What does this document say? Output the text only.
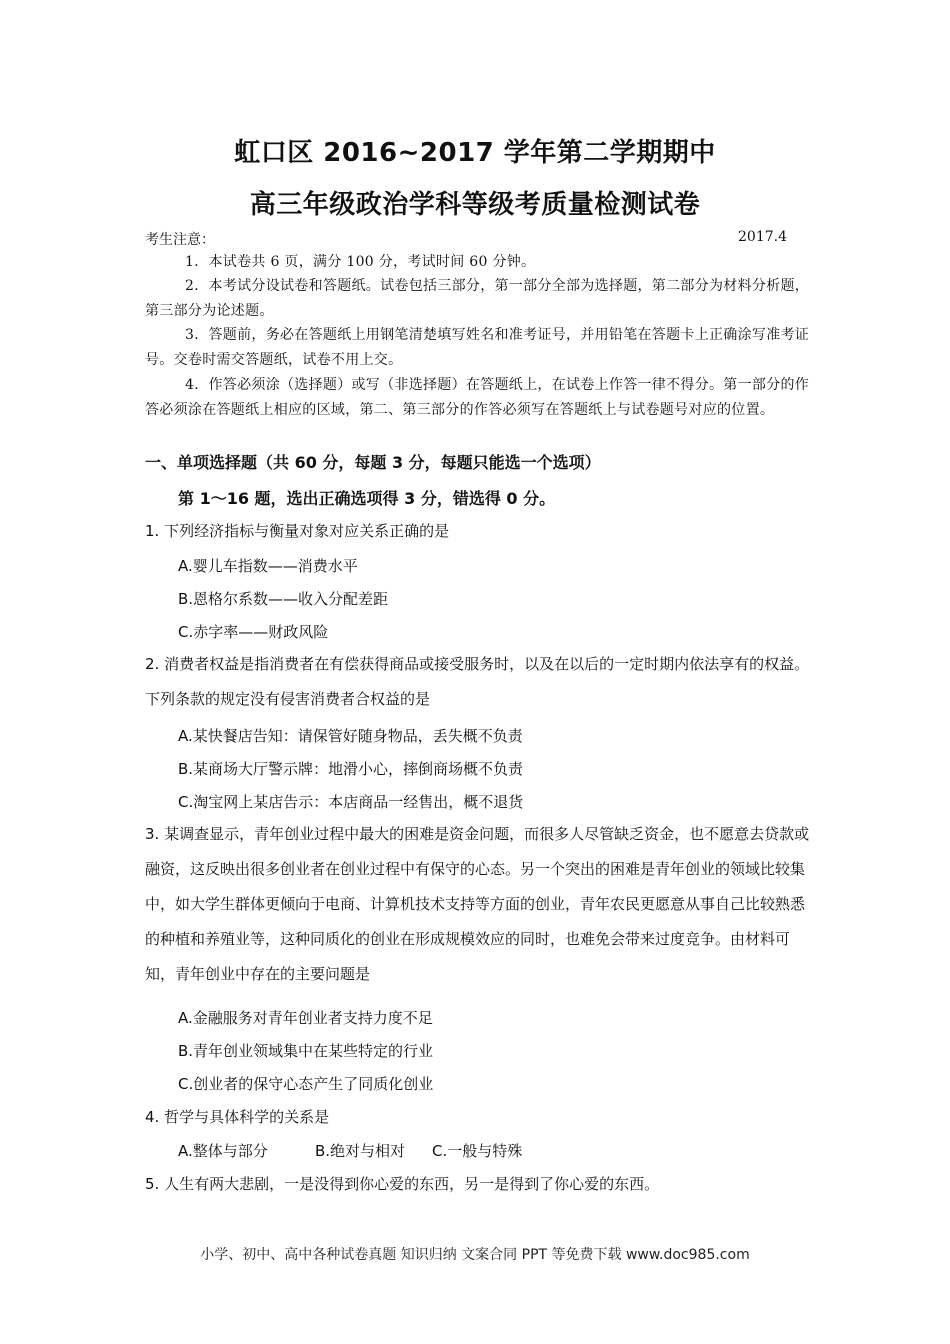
虹口区 2016~2017 学年第二学期期中
高三年级政治学科等级考质量检测试卷
考生注意：	2017.4
1．本试卷共 6 页，满分 100 分，考试时间 60 分钟。
2．本考试分设试卷和答题纸。试卷包括三部分，第一部分全部为选择题，第二部分为材料分析题，第三部分为论述题。
3．答题前，务必在答题纸上用钢笔清楚填写姓名和准考证号，并用铅笔在答题卡上正确涂写准考证号。交卷时需交答题纸，试卷不用上交。
4．作答必须涂（选择题）或写（非选择题）在答题纸上，在试卷上作答一律不得分。第一部分的作答必须涂在答题纸上相应的区域，第二、第三部分的作答必须写在答题纸上与试卷题号对应的位置。
一、单项选择题（共 60 分，每题 3 分，每题只能选一个选项）
第 1～16 题，选出正确选项得 3 分，错选得 0 分。
1. 下列经济指标与衡量对象对应关系正确的是
A.婴儿车指数——消费水平
B.恩格尔系数——收入分配差距
C.赤字率——财政风险
2. 消费者权益是指消费者在有偿获得商品或接受服务时，以及在以后的一定时期内依法享有的权益。下列条款的规定没有侵害消费者合权益的是
A.某快餐店告知：请保管好随身物品，丢失概不负责
B.某商场大厅警示牌：地滑小心，摔倒商场概不负责
C.淘宝网上某店告示：本店商品一经售出，概不退货
3. 某调查显示，青年创业过程中最大的困难是资金问题，而很多人尽管缺乏资金，也不愿意去贷款或融资，这反映出很多创业者在创业过程中有保守的心态。另一个突出的困难是青年创业的领域比较集中，如大学生群体更倾向于电商、计算机技术支持等方面的创业，青年农民更愿意从事自己比较熟悉的种植和养殖业等，这种同质化的创业在形成规模效应的同时，也难免会带来过度竞争。由材料可知，青年创业中存在的主要问题是
A.金融服务对青年创业者支持力度不足
B.青年创业领域集中在某些特定的行业
C.创业者的保守心态产生了同质化创业
4. 哲学与具体科学的关系是
A.整体与部分	B.绝对与相对 C.一般与特殊
5. 人生有两大悲剧，一是没得到你心爱的东西，另一是得到了你心爱的东西。
小学、初中、高中各种试卷真题 知识归纳 文案合同 PPT 等免费下载 www.doc985.com
